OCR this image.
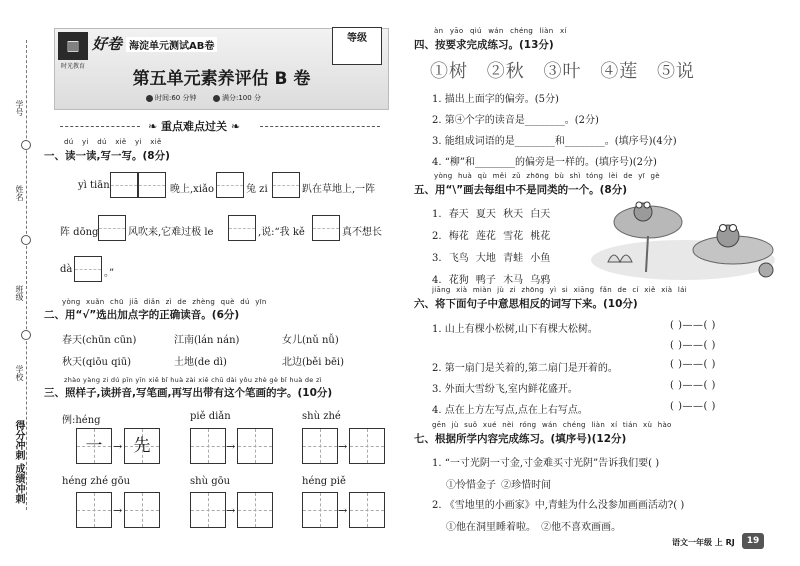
学号
姓名
班级
学校
得分冲刺 成绩冲刺
▥
时光教育
好卷 海淀单元测试AB卷
等级
第五单元素养评估 B 卷
时间:60 分钟	满分:100 分
❧ 重点难点过关 ❧
dú yi dú xiě yi xiě
一、读一读,写一写。(8分)
yì tiān	晚上,xiǎo	兔 zi	趴在草地上,一阵
阵 dōng	风吹来,它难过极 le	,说:“我 kě	真不想长
dà	。”
yòng xuǎn chū jiā diǎn zì de zhèng què dú yīn
二、用“√”选出加点字的正确读音。(6分)
春天(chūn cūn)	江南(lán nán)	女儿(nǔ nǚ)
秋天(qiōu qiū)	土地(de dì)	北边(běi bēi)
zhào yàng zi dú pīn yīn xiě bǐ huà zài xiě chū dài yǒu zhè gè bǐ huà de zì
三、照样子,读拼音,写笔画,再写出带有这个笔画的字。(10分)
例:héng
一 → 先
piě diǎn
→
shù zhé
→
héng zhé gōu
→
shù gōu
→
héng piě
→
àn yāo qiú wán chéng liàn xí
四、按要求完成练习。(13分)
①树 ②秋 ③叶 ④莲 ⑤说
1. 描出上面字的偏旁。(5分)
2. 第④个字的读音是________。(2分)
3. 能组成词语的是________和________。(填序号)(4分)
4. “柳”和________的偏旁是一样的。(填序号)(2分)
yòng huà qù měi zǔ zhōng bù shì tóng lèi de yī gè
五、用“\”画去每组中不是同类的一个。(8分)
1. 春天 夏天 秋天 白天
2. 梅花 莲花 雪花 桃花
3. 飞鸟 大地 青蛙 小鱼
4. 花狗 鸭子 木马 乌鸦
jiāng xià miàn jù zi zhōng yì si xiāng fǎn de cí xiě xià lái
六、将下面句子中意思相反的词写下来。(10分)
1. 山上有棵小松树,山下有棵大松树。	( )——( )
( )——( )
2. 第一扇门是关着的,第二扇门是开着的。	( )——( )
3. 外面大雪纷飞,室内鲜花盛开。	( )——( )
4. 点在上方左写点,点在上右写点。	( )——( )
gēn jù suǒ xué nèi róng wán chéng liàn xí tián xù hào
七、根据所学内容完成练习。(填序号)(12分)
1. “一寸光阴一寸金,寸金难买寸光阴”告诉我们要( )
①怜惜金子 ②珍惜时间
2. 《雪地里的小画家》中,青蛙为什么没参加画画活动?( )
①他在洞里睡着啦。 ②他不喜欢画画。
语文一年级 上 RJ	19
